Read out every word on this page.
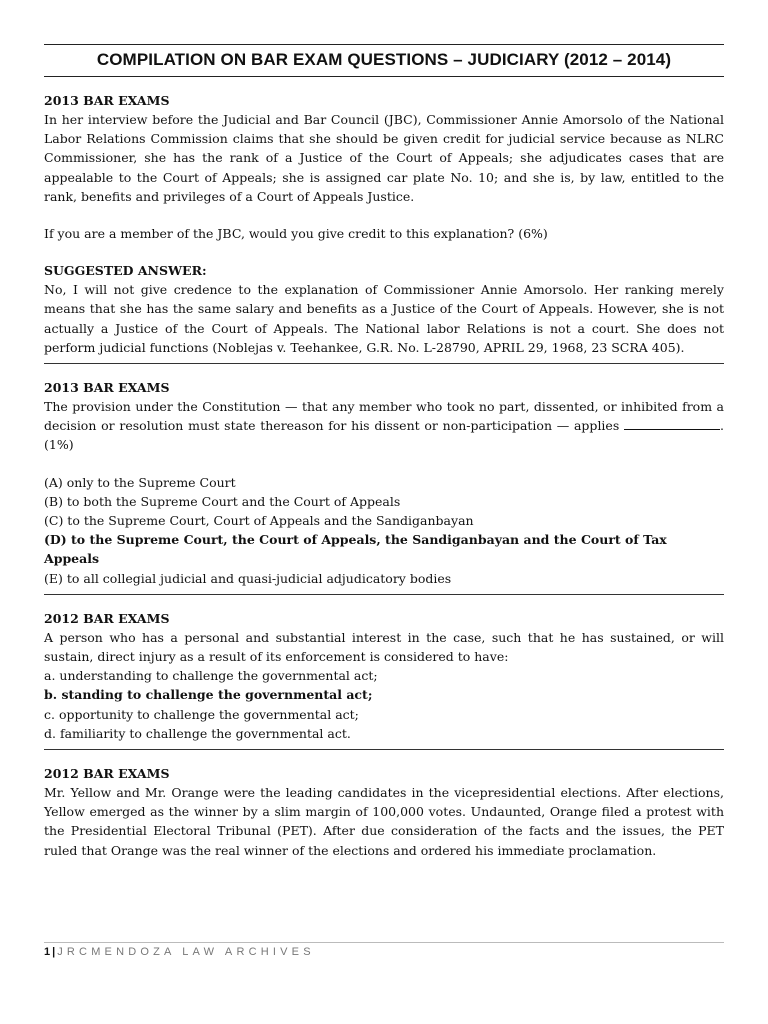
COMPILATION ON BAR EXAM QUESTIONS – JUDICIARY (2012 – 2014)
2013 BAR EXAMS

In her interview before the Judicial and Bar Council (JBC), Commissioner Annie Amorsolo of the National Labor Relations Commission claims that she should be given credit for judicial service because as NLRC Commissioner, she has the rank of a Justice of the Court of Appeals; she adjudicates cases that are appealable to the Court of Appeals; she is assigned car plate No. 10; and she is, by law, entitled to the rank, benefits and privileges of a Court of Appeals Justice.

If you are a member of the JBC, would you give credit to this explanation? (6%)

SUGGESTED ANSWER:

No, I will not give credence to the explanation of Commissioner Annie Amorsolo. Her ranking merely means that she has the same salary and benefits as a Justice of the Court of Appeals. However, she is not actually a Justice of the Court of Appeals. The National labor Relations is not a court. She does not perform judicial functions (Noblejas v. Teehankee, G.R. No. L-28790, APRIL 29, 1968, 23 SCRA 405).

2013 BAR EXAMS

The provision under the Constitution — that any member who took no part, dissented, or inhibited from a decision or resolution must state thereason for his dissent or non-participation — applies	. (1%)

(A) only to the Supreme Court
(B) to both the Supreme Court and the Court of Appeals
(C) to the Supreme Court, Court of Appeals and the Sandiganbayan
(D) to the Supreme Court, the Court of Appeals, the Sandiganbayan and the Court of Tax Appeals
(E) to all collegial judicial and quasi-judicial adjudicatory bodies
2012 BAR EXAMS

A person who has a personal and substantial interest in the case, such that he has sustained, or will sustain, direct injury as a result of its enforcement is considered to have:

a. understanding to challenge the governmental act;
b. standing to challenge the governmental act;
c. opportunity to challenge the governmental act;
d. familiarity to challenge the governmental act.
2012 BAR EXAMS

Mr. Yellow and Mr. Orange were the leading candidates in the vicepresidential elections. After elections, Yellow emerged as the winner by a slim margin of 100,000 votes. Undaunted, Orange filed a protest with the Presidential Electoral Tribunal (PET). After due consideration of the facts and the issues, the PET ruled that Orange was the real winner of the elections and ordered his immediate proclamation.

1 | JRCMENDOZA LAW ARCHIVES
